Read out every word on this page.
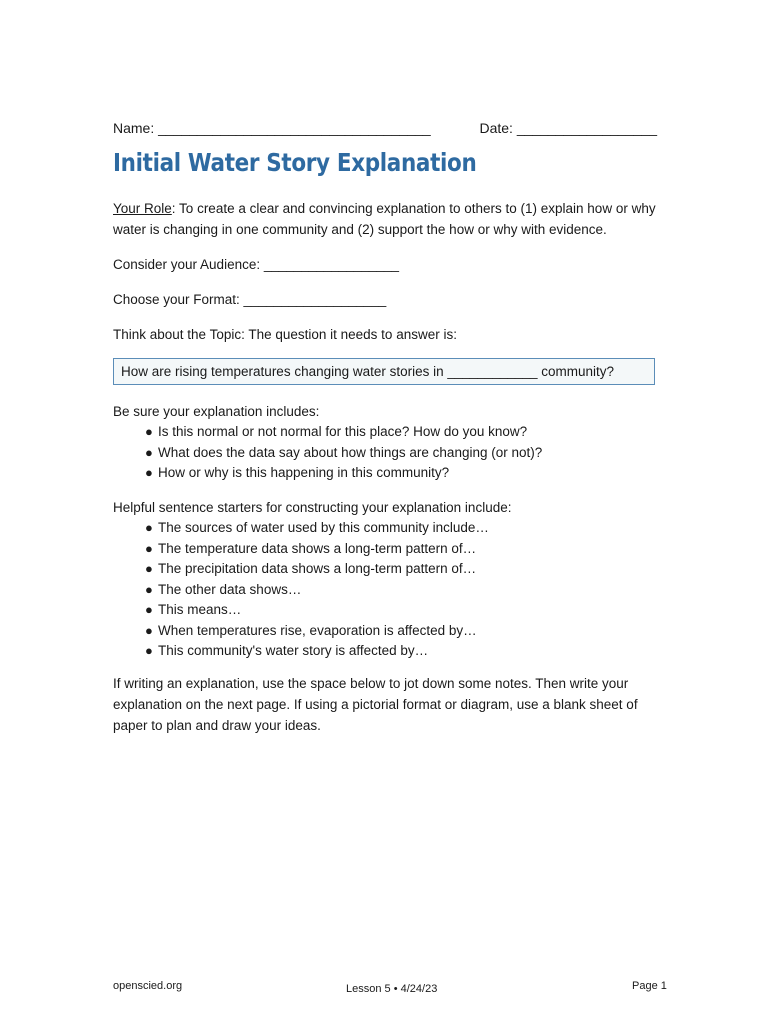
Name: ___________________________________	Date: __________________
Initial Water Story Explanation
Your Role: To create a clear and convincing explanation to others to (1) explain how or why water is changing in one community and (2) support the how or why with evidence.
Consider your Audience: __________________
Choose your Format: ___________________
Think about the Topic: The question it needs to answer is:
How are rising temperatures changing water stories in ____________ community?
Be sure your explanation includes:
● Is this normal or not normal for this place? How do you know?
● What does the data say about how things are changing (or not)?
● How or why is this happening in this community?
Helpful sentence starters for constructing your explanation include:
● The sources of water used by this community include…
● The temperature data shows a long-term pattern of…
● The precipitation data shows a long-term pattern of…
● The other data shows…
● This means…
● When temperatures rise, evaporation is affected by…
● This community's water story is affected by…
If writing an explanation, use the space below to jot down some notes. Then write your explanation on the next page. If using a pictorial format or diagram, use a blank sheet of paper to plan and draw your ideas.
openscied.org	Lesson 5 • 4/24/23	Page 1
